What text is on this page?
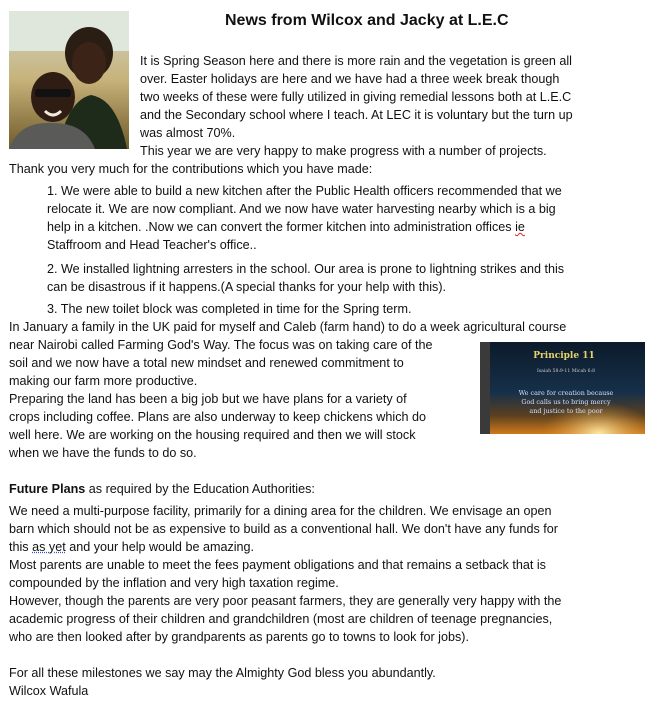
News from Wilcox and Jacky at L.E.C
It is Spring Season here and there is more rain and the vegetation is green all
over. Easter holidays are here and we have had a three week break though
two weeks of these were fully utilized in giving remedial lessons both at L.E.C
and the Secondary school where I teach. At LEC it is voluntary but the turn up
was almost 70%.
This year we are very happy to make progress with a number of projects.
Thank you very much for the contributions which you have made:
1. We were able to build a new kitchen after the Public Health officers recommended that we
relocate it. We are now compliant. And we now have water harvesting nearby which is a big
help in a kitchen. .Now we can convert the former kitchen into administration offices ie
Staffroom and Head Teacher's office..
2. We installed lightning arresters in the school. Our area is prone to lightning strikes and this
can be disastrous if it happens.(A special thanks for your help with this).
3. The new toilet block was completed in time for the Spring term.
In January a family in the UK paid for myself and Caleb (farm hand) to do a week agricultural course
near Nairobi called Farming God's Way. The focus was on taking care of the
soil and we now have a total new mindset and renewed commitment to
making our farm more productive.
Preparing the land has been a big job but we have plans for a variety of
crops including coffee. Plans are also underway to keep chickens which do
well here. We are working on the housing required and then we will stock
when we have the funds to do so.
Principle 11
Isaiah 58:9-11 Micah 6:8
We care for creation because
God calls us to bring mercy
and justice to the poor
Future Plans as required by the Education Authorities:
We need a multi-purpose facility, primarily for a dining area for the children. We envisage an open
barn which should not be as expensive to build as a conventional hall. We don't have any funds for
this as yet and your help would be amazing.
Most parents are unable to meet the fees payment obligations and that remains a setback that is
compounded by the inflation and very high taxation regime.
However, though the parents are very poor peasant farmers, they are generally very happy with the
academic progress of their children and grandchildren (most are children of teenage pregnancies,
who are then looked after by grandparents as parents go to towns to look for jobs).
For all these milestones we say may the Almighty God bless you abundantly.
Wilcox Wafula
